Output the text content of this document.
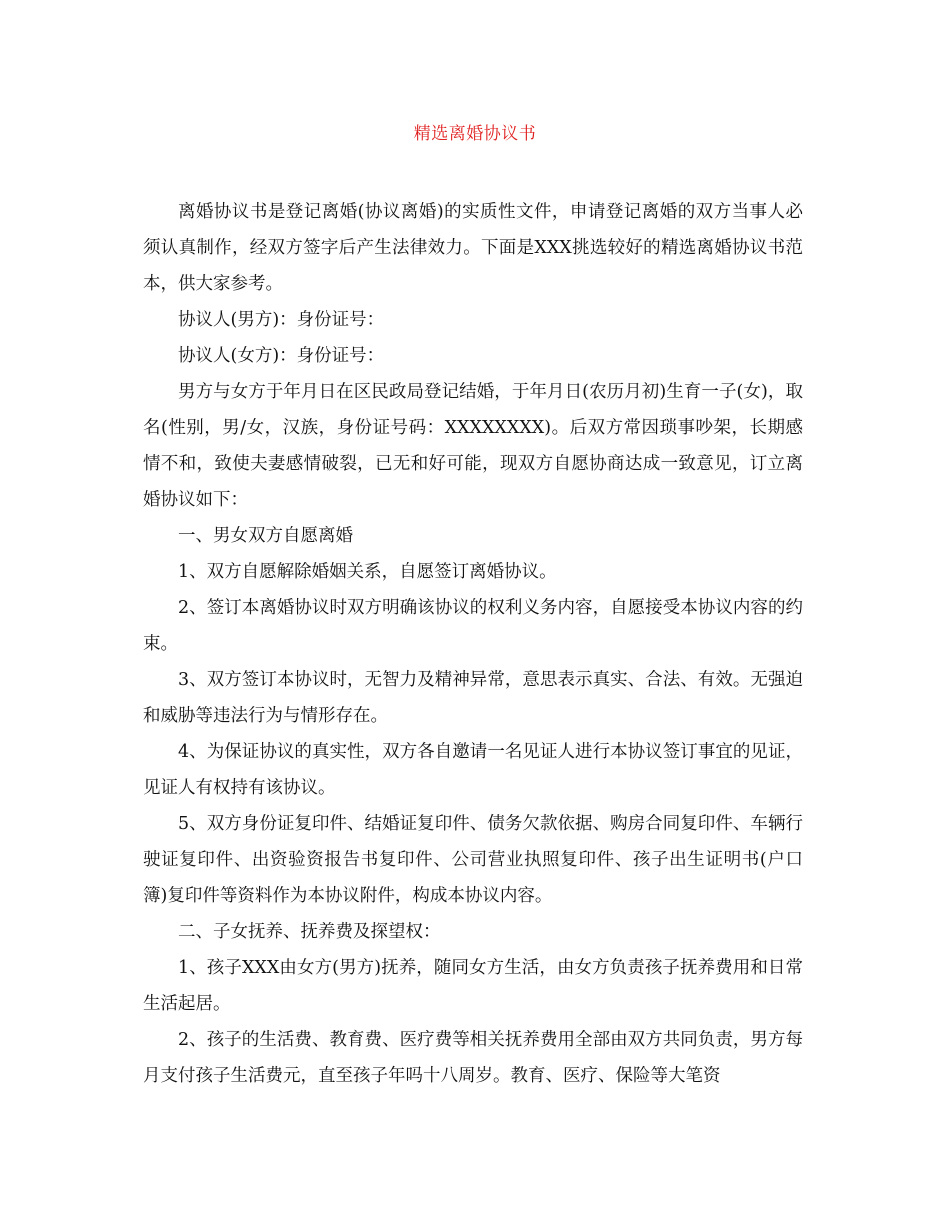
精选离婚协议书

离婚协议书是登记离婚(协议离婚)的实质性文件，申请登记离婚的双方当事人必须认真制作，经双方签字后产生法律效力。下面是XXX挑选较好的精选离婚协议书范本，供大家参考。

协议人(男方)：身份证号：

协议人(女方)：身份证号：

男方与女方于年月日在区民政局登记结婚，于年月日(农历月初)生育一子(女)，取名(性别，男/女，汉族，身份证号码：XXXXXXXX)。后双方常因琐事吵架，长期感情不和，致使夫妻感情破裂，已无和好可能，现双方自愿协商达成一致意见，订立离婚协议如下：

一、男女双方自愿离婚

1、双方自愿解除婚姻关系，自愿签订离婚协议。

2、签订本离婚协议时双方明确该协议的权利义务内容，自愿接受本协议内容的约束。

3、双方签订本协议时，无智力及精神异常，意思表示真实、合法、有效。无强迫和威胁等违法行为与情形存在。

4、为保证协议的真实性，双方各自邀请一名见证人进行本协议签订事宜的见证，见证人有权持有该协议。

5、双方身份证复印件、结婚证复印件、债务欠款依据、购房合同复印件、车辆行驶证复印件、出资验资报告书复印件、公司营业执照复印件、孩子出生证明书(户口簿)复印件等资料作为本协议附件，构成本协议内容。

二、子女抚养、抚养费及探望权：

1、孩子XXX由女方(男方)抚养，随同女方生活，由女方负责孩子抚养费用和日常生活起居。

2、孩子的生活费、教育费、医疗费等相关抚养费用全部由双方共同负责，男方每月支付孩子生活费元，直至孩子年吗十八周岁。教育、医疗、保险等大笔资
